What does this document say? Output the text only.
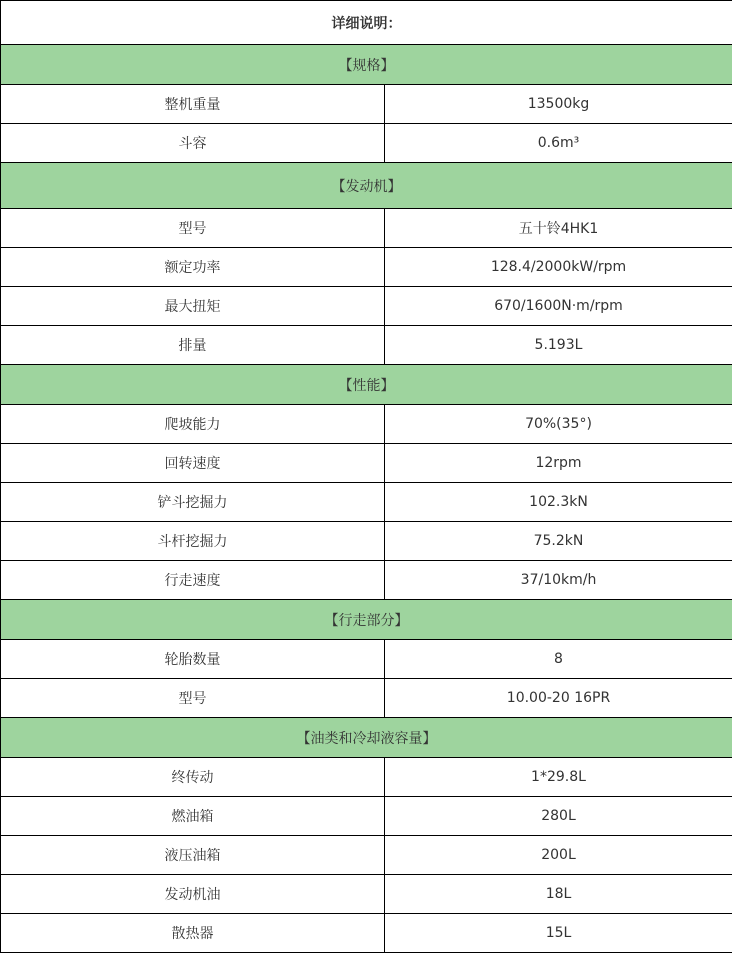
详细说明：	
【规格】	
整机重量	13500kg
斗容	0.6m³
【发动机】	
型号	五十铃4HK1
额定功率	128.4/2000kW/rpm
最大扭矩	670/1600N·m/rpm
排量	5.193L
【性能】	
爬坡能力	70%(35°)
回转速度	12rpm
铲斗挖掘力	102.3kN
斗杆挖掘力	75.2kN
行走速度	37/10km/h
【行走部分】	
轮胎数量	8
型号	10.00-20 16PR
【油类和冷却液容量】	
终传动	1*29.8L
燃油箱	280L
液压油箱	200L
发动机油	18L
散热器	15L
